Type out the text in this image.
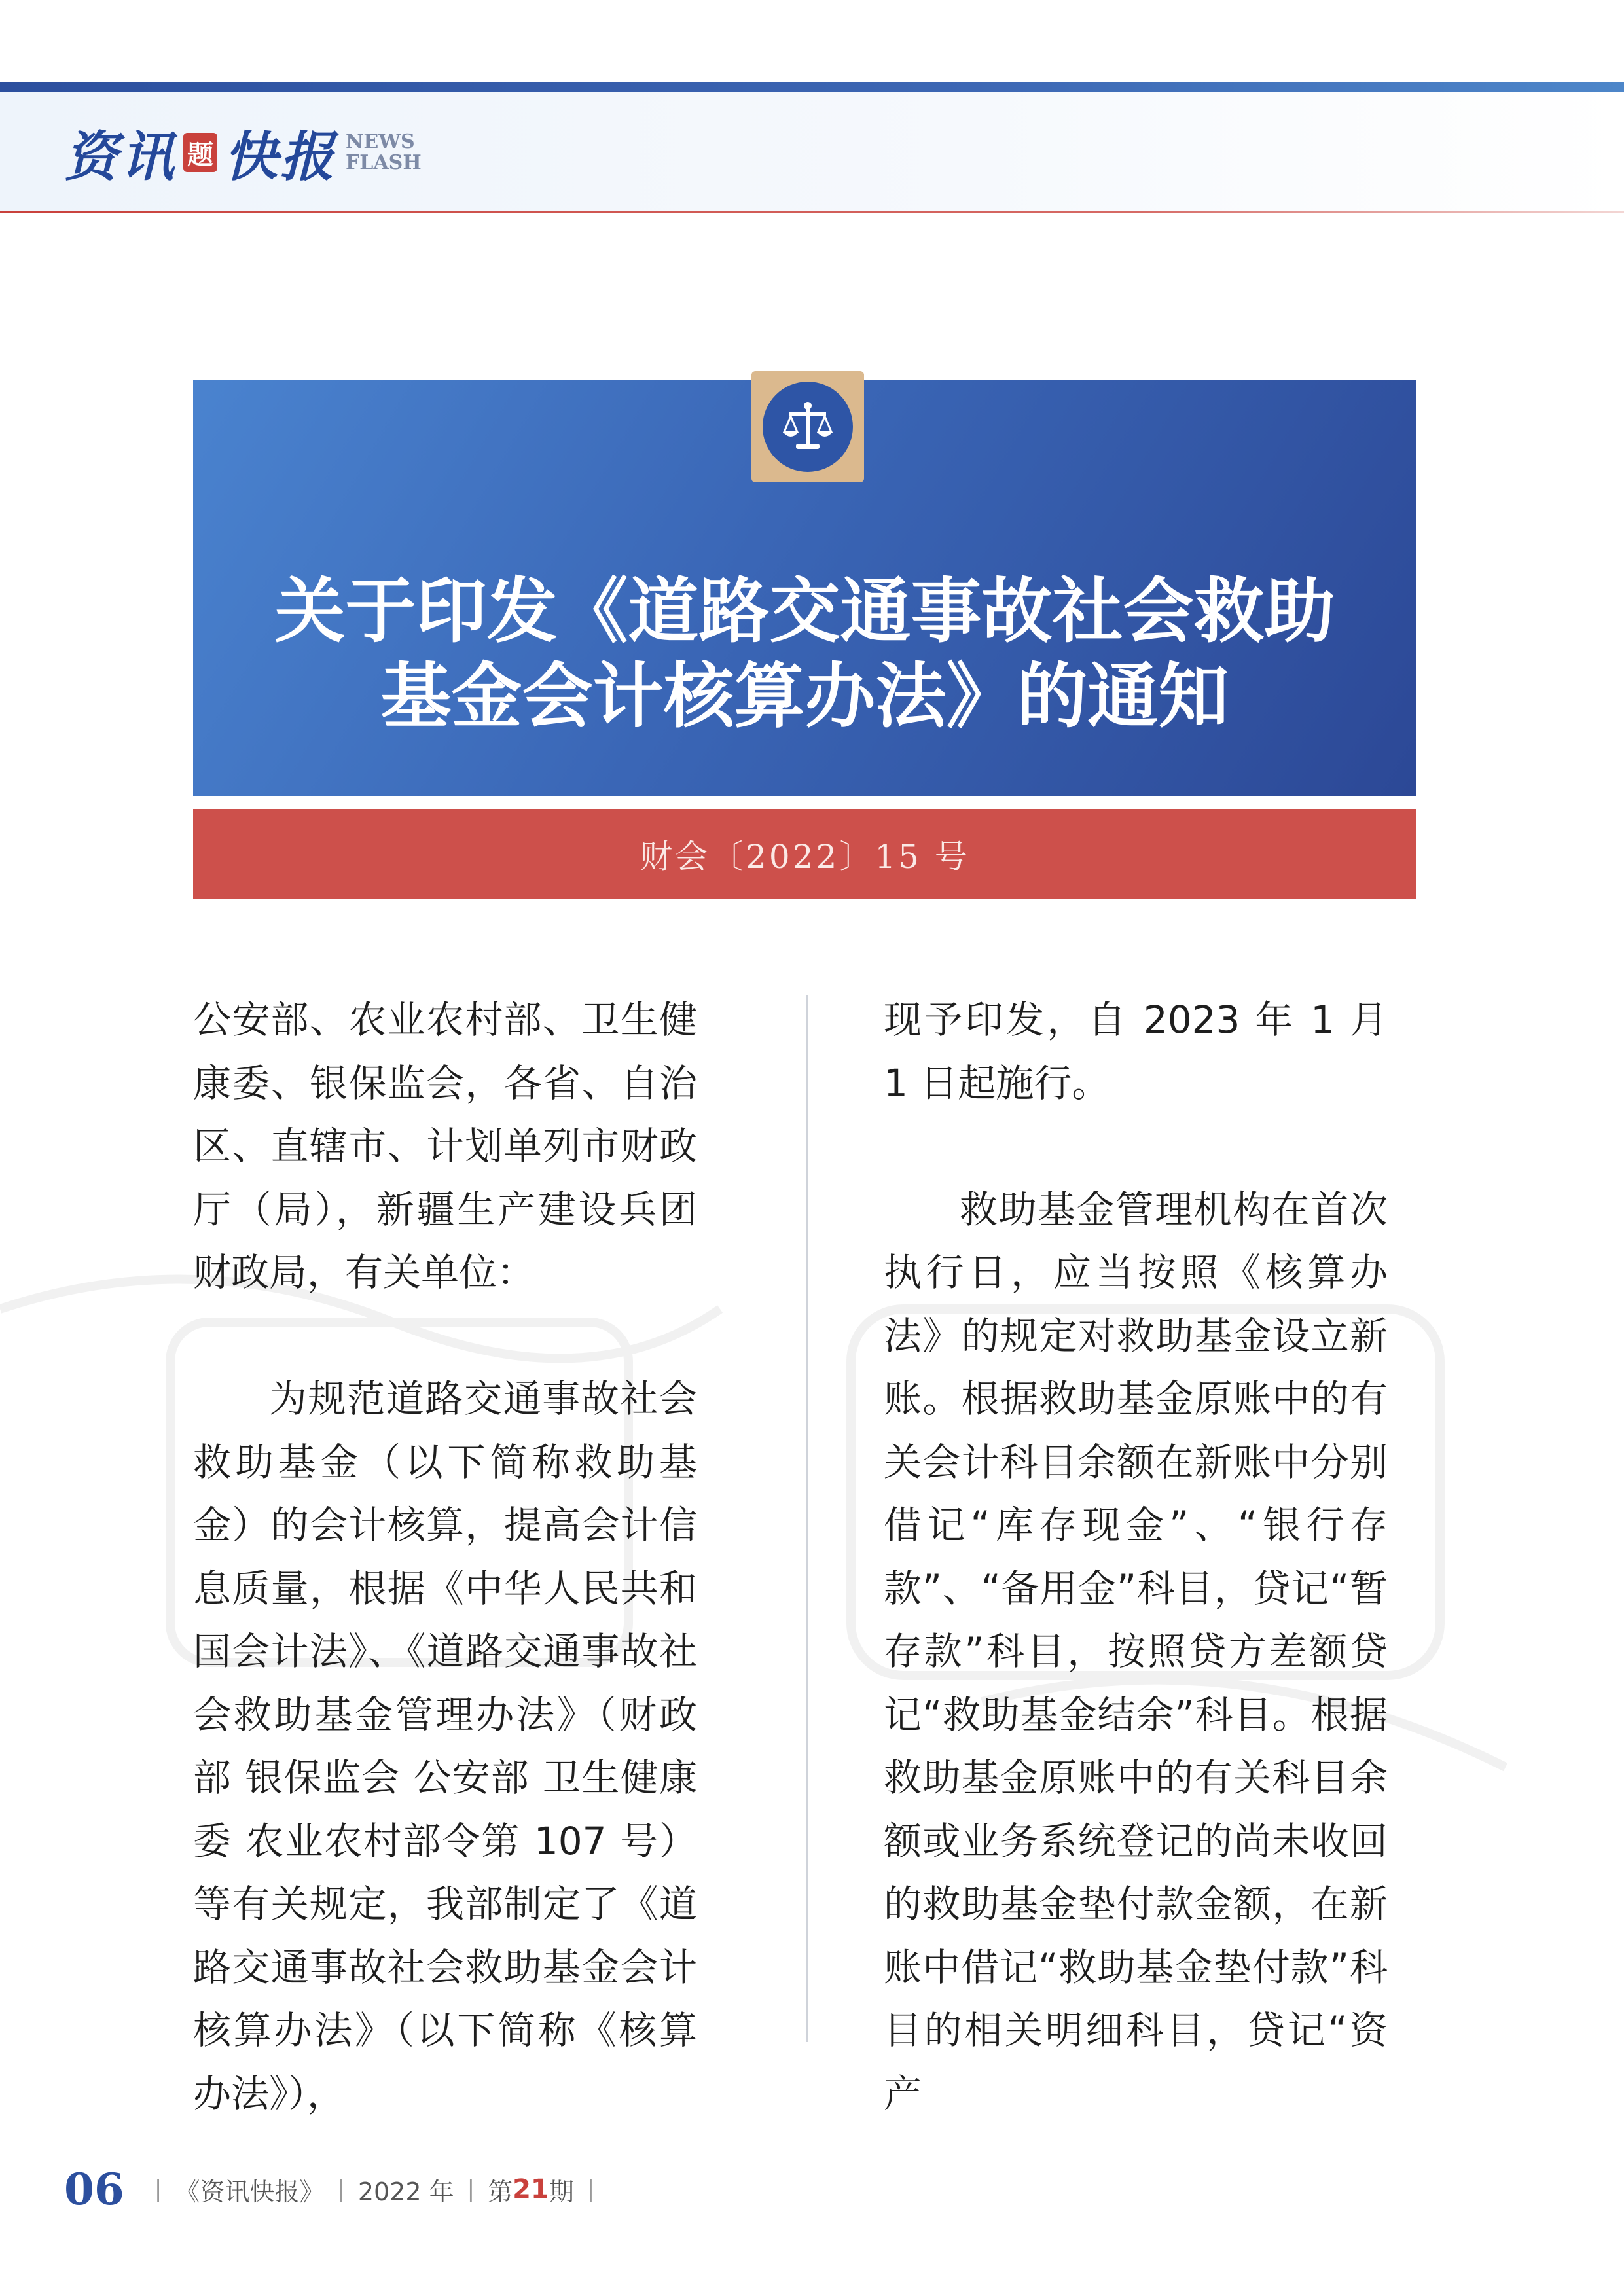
资讯 题 快报 NEWS
FLASH
关于印发《道路交通事故社会救助
基金会计核算办法》的通知
财会〔2022〕15 号

公安部、农业农村部、卫生健康委、银保监会，各省、自治区、直辖市、计划单列市财政厅（局），新疆生产建设兵团财政局，有关单位：

为规范道路交通事故社会救助基金（以下简称救助基金）的会计核算，提高会计信息质量，根据《中华人民共和国会计法》、《道路交通事故社会救助基金管理办法》（财政部 银保监会 公安部 卫生健康委 农业农村部令第 107 号）等有关规定，我部制定了《道路交通事故社会救助基金会计核算办法》（以下简称《核算办法》），

现予印发，自 2023 年 1 月 1 日起施行。

救助基金管理机构在首次执行日，应当按照《核算办法》的规定对救助基金设立新账。根据救助基金原账中的有关会计科目余额在新账中分别借记“库存现金”、“银行存款”、“备用金”科目，贷记“暂存款”科目，按照贷方差额贷记“救助基金结余”科目。根据救助基金原账中的有关科目余额或业务系统登记的尚未收回的救助基金垫付款金额，在新账中借记“救助基金垫付款”科目的相关明细科目，贷记“资产

06 | 《资讯快报》 | 2022 年 | 第 21 期 |
